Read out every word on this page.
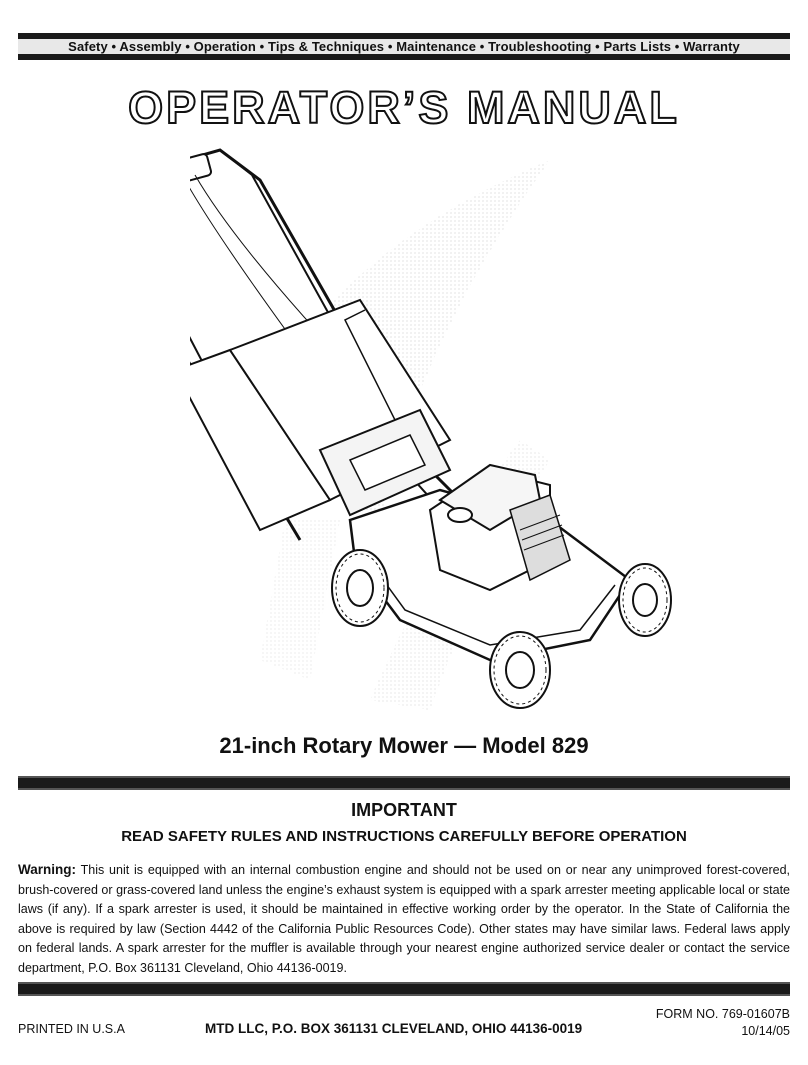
Safety • Assembly • Operation • Tips & Techniques • Maintenance • Troubleshooting • Parts Lists • Warranty
OPERATOR’S MANUAL
21-inch Rotary Mower — Model 829
IMPORTANT
READ SAFETY RULES AND INSTRUCTIONS CAREFULLY BEFORE OPERATION
Warning: This unit is equipped with an internal combustion engine and should not be used on or near any unimproved forest-covered, brush-covered or grass-covered land unless the engine’s exhaust system is equipped with a spark arrester meeting applicable local or state laws (if any). If a spark arrester is used, it should be maintained in effective working order by the operator. In the State of California the above is required by law (Section 4442 of the California Public Resources Code). Other states may have similar laws. Federal laws apply on federal lands. A spark arrester for the muffler is available through your nearest engine authorized service dealer or contact the service department, P.O. Box 361131 Cleveland, Ohio 44136-0019.
PRINTED IN U.S.A	MTD LLC, P.O. BOX 361131 CLEVELAND, OHIO 44136-0019
FORM NO. 769-01607B
10/14/05
